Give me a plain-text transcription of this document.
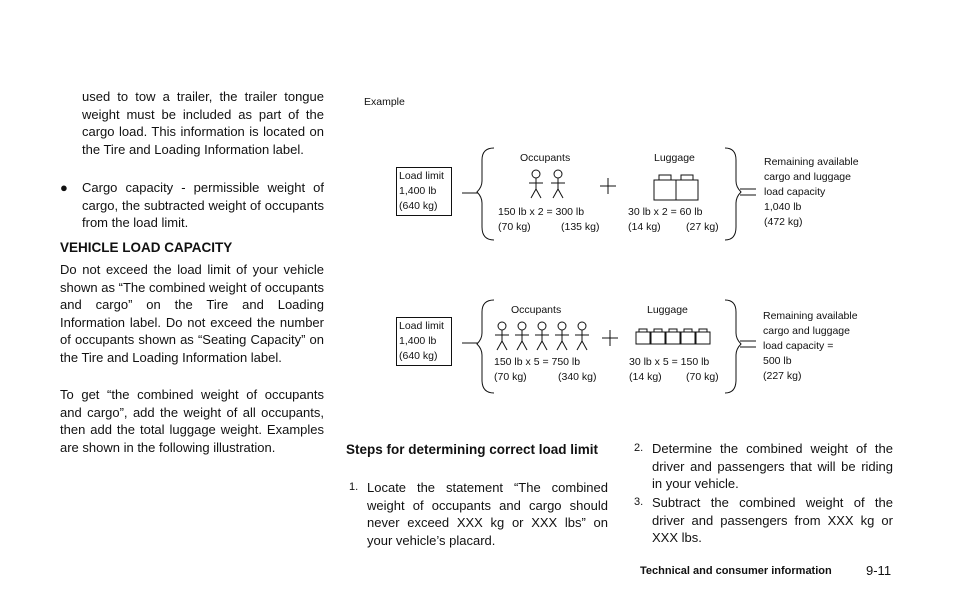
used to tow a trailer, the trailer tongue weight must be included as part of the cargo load. This information is located on the Tire and Loading Information label.
● Cargo capacity - permissible weight of cargo, the subtracted weight of occupants from the load limit.
VEHICLE LOAD CAPACITY
Do not exceed the load limit of your vehicle shown as “The combined weight of occupants and cargo” on the Tire and Loading Information label. Do not exceed the number of occupants shown as “Seating Capacity” on the Tire and Loading Information label.
To get “the combined weight of occupants and cargo”, add the weight of all occupants, then add the total luggage weight. Examples are shown in the following illustration.
Example
Load limit
1,400 lb
(640 kg)
Occupants	Luggage
150 lb x 2 = 300 lb
(70 kg)	(135 kg)
30 lb x 2 = 60 lb
(14 kg) (27 kg)
Remaining available
cargo and luggage
load capacity
1,040 lb
(472 kg)
Load limit
1,400 lb
(640 kg)
Occupants	Luggage
150 lb x 5 = 750 lb
(70 kg)	(340 kg)
30 lb x 5 = 150 lb
(14 kg) (70 kg)
Remaining available
cargo and luggage
load capacity =
500 lb
(227 kg)
Steps for determining correct load limit
1. Locate the statement “The combined weight of occupants and cargo should never exceed XXX kg or XXX lbs” on your vehicle’s placard.
2. Determine the combined weight of the driver and passengers that will be riding in your vehicle.
3. Subtract the combined weight of the driver and passengers from XXX kg or XXX lbs.
Technical and consumer information	9-11
